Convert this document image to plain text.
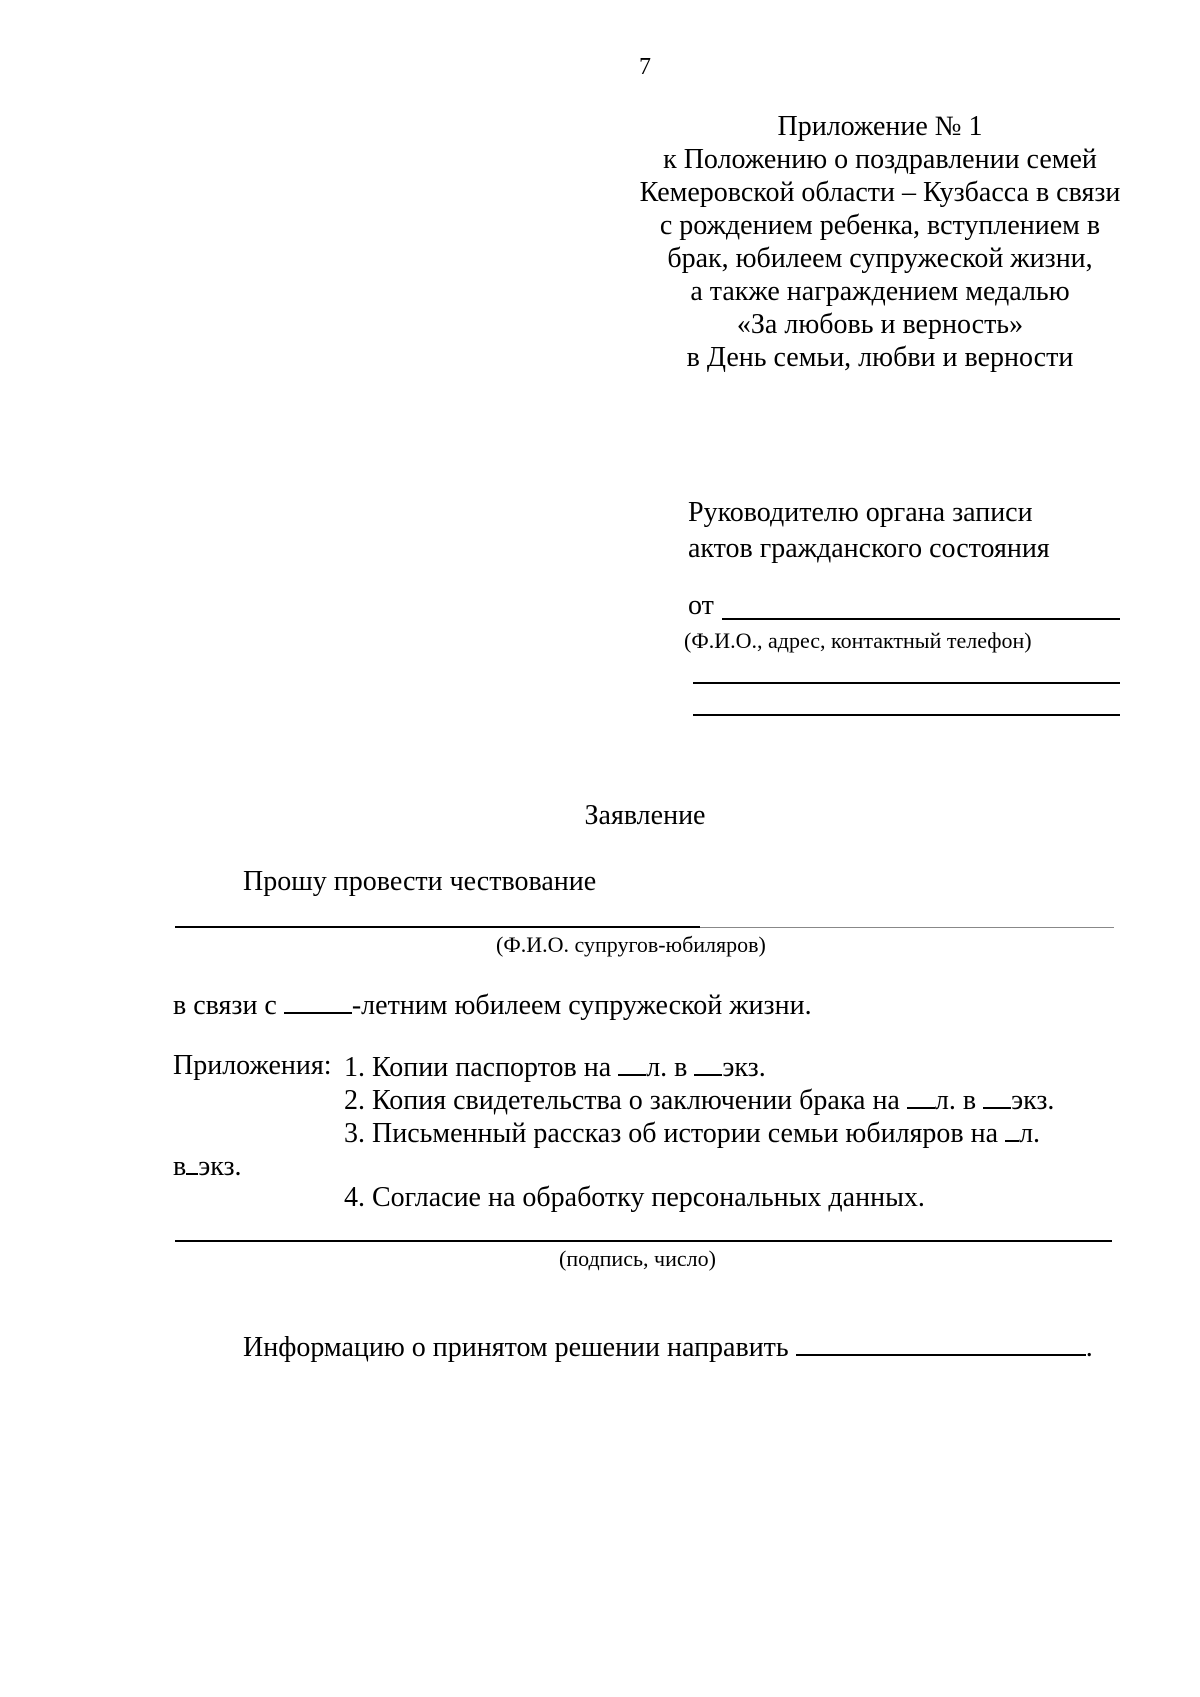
7
Приложение № 1
к Положению о поздравлении семей
Кемеровской области – Кузбасса в связи
с рождением ребенка, вступлением в
брак, юбилеем супружеской жизни,
а также награждением медалью
«За любовь и верность»
в День семьи, любви и верности
Руководителю органа записи
актов гражданского состояния
от
(Ф.И.О., адрес, контактный телефон)
Заявление
Прошу провести чествование
(Ф.И.О. супругов-юбиляров)
в связи с	-летним юбилеем супружеской жизни.
Приложения: 1. Копии паспортов на л. в экз.
2. Копия свидетельства о заключении брака на л. в экз.
3. Письменный рассказ об истории семьи юбиляров на л.
в экз.
4. Согласие на обработку персональных данных.
(подпись, число)
Информацию о принятом решении направить	.
